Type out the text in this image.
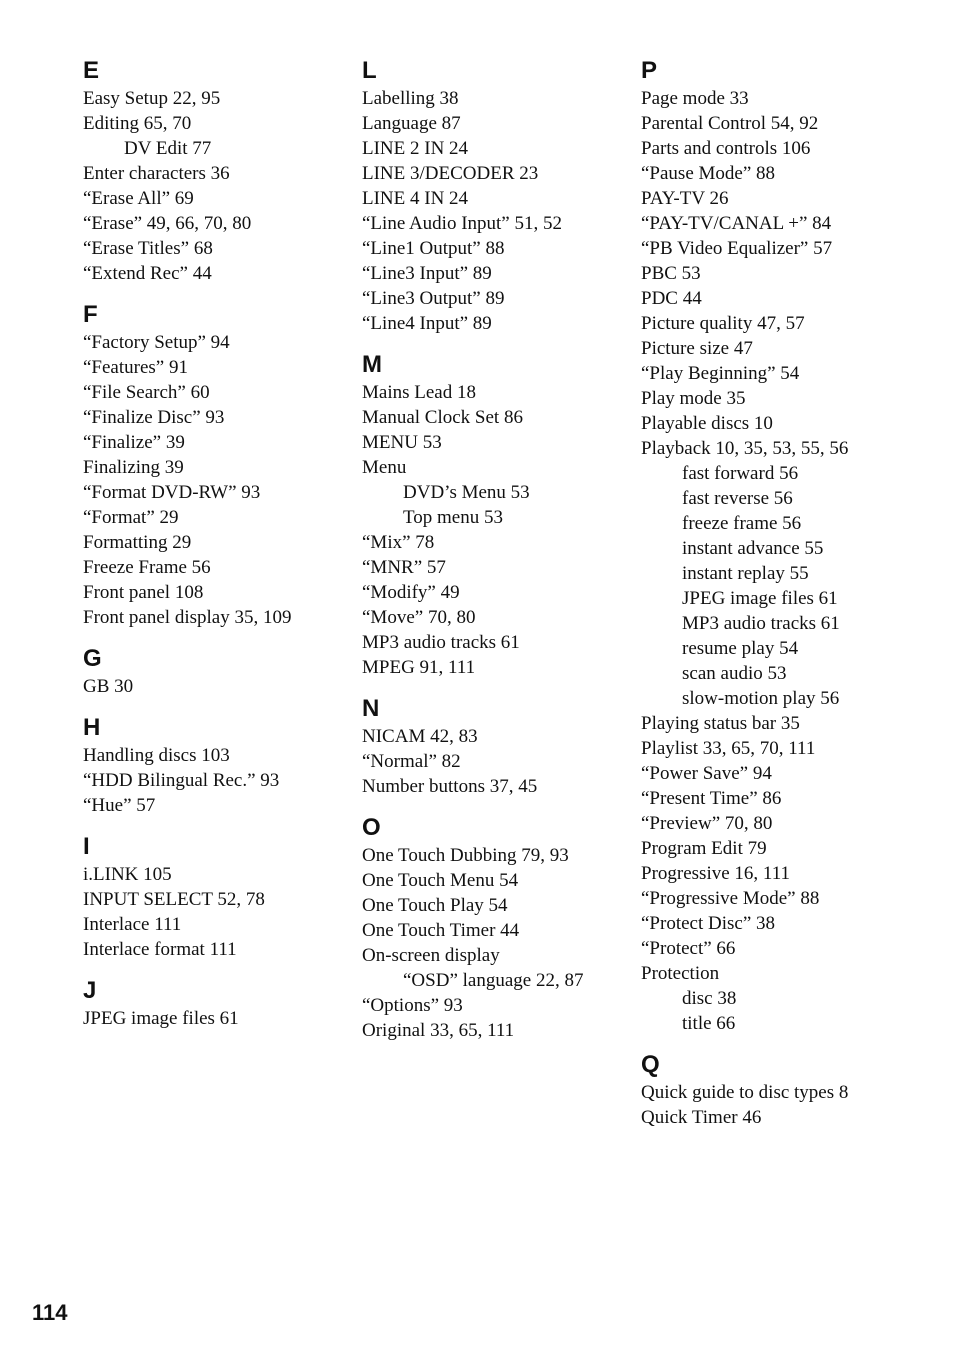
E
Easy Setup 22, 95
Editing 65, 70
DV Edit 77
Enter characters 36
“Erase All” 69
“Erase” 49, 66, 70, 80
“Erase Titles” 68
“Extend Rec” 44
F
“Factory Setup” 94
“Features” 91
“File Search” 60
“Finalize Disc” 93
“Finalize” 39
Finalizing 39
“Format DVD-RW” 93
“Format” 29
Formatting 29
Freeze Frame 56
Front panel 108
Front panel display 35, 109
G
GB 30
H
Handling discs 103
“HDD Bilingual Rec.” 93
“Hue” 57
I
i.LINK 105
INPUT SELECT 52, 78
Interlace 111
Interlace format 111
J
JPEG image files 61
L
Labelling 38
Language 87
LINE 2 IN 24
LINE 3/DECODER 23
LINE 4 IN 24
“Line Audio Input” 51, 52
“Line1 Output” 88
“Line3 Input” 89
“Line3 Output” 89
“Line4 Input” 89
M
Mains Lead 18
Manual Clock Set 86
MENU 53
Menu
DVD’s Menu 53
Top menu 53
“Mix” 78
“MNR” 57
“Modify” 49
“Move” 70, 80
MP3 audio tracks 61
MPEG 91, 111
N
NICAM 42, 83
“Normal” 82
Number buttons 37, 45
O
One Touch Dubbing 79, 93
One Touch Menu 54
One Touch Play 54
One Touch Timer 44
On-screen display
“OSD” language 22, 87
“Options” 93
Original 33, 65, 111
P
Page mode 33
Parental Control 54, 92
Parts and controls 106
“Pause Mode” 88
PAY-TV 26
“PAY-TV/CANAL +” 84
“PB Video Equalizer” 57
PBC 53
PDC 44
Picture quality 47, 57
Picture size 47
“Play Beginning” 54
Play mode 35
Playable discs 10
Playback 10, 35, 53, 55, 56
fast forward 56
fast reverse 56
freeze frame 56
instant advance 55
instant replay 55
JPEG image files 61
MP3 audio tracks 61
resume play 54
scan audio 53
slow-motion play 56
Playing status bar 35
Playlist 33, 65, 70, 111
“Power Save” 94
“Present Time” 86
“Preview” 70, 80
Program Edit 79
Progressive 16, 111
“Progressive Mode” 88
“Protect Disc” 38
“Protect” 66
Protection
disc 38
title 66
Q
Quick guide to disc types 8
Quick Timer 46
114
